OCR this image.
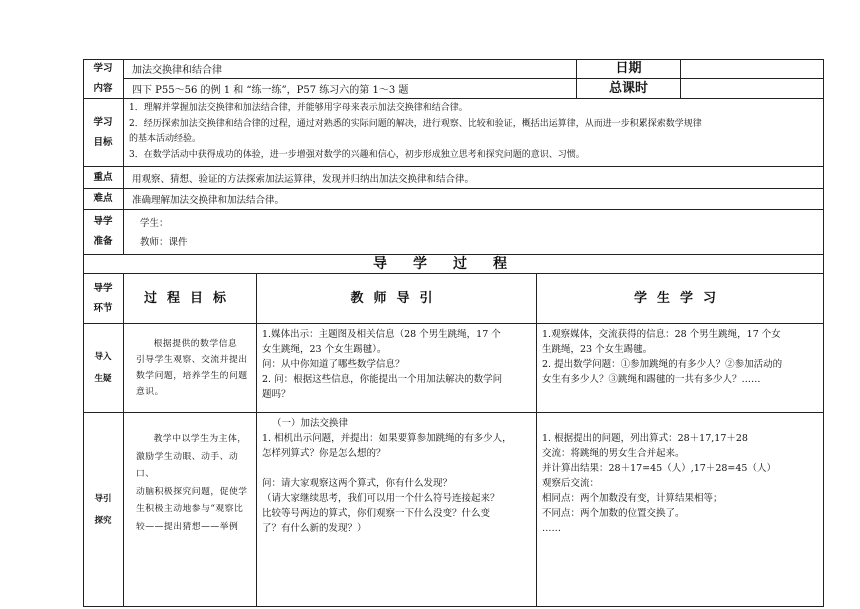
学习
内容
加法交换律和结合律
四下 P55～56 的例 1 和 “练一练”，P57 练习六的第 1～3 题
日期
总课时
学习
目标
1．理解并掌握加法交换律和加法结合律，并能够用字母来表示加法交换律和结合律。
2．经历探索加法交换律和结合律的过程，通过对熟悉的实际问题的解决，进行观察、比较和验证，概括出运算律，从而进一步积累探索数学规律
的基本活动经验。
3．在数学活动中获得成功的体验，进一步增强对数学的兴趣和信心，初步形成独立思考和探究问题的意识、习惯。
重点 用观察、猜想、验证的方法探索加法运算律，发现并归纳出加法交换律和结合律。
难点 准确理解加法交换律和加法结合律。
导学
准备
学生：
教师：课件
导学过程
导学
环节
过程目标	教师导引	学生学习
导入
生疑
根据提供的数学信息
引导学生观察、交流并提出
数学问题，培养学生的问题
意识。
1.媒体出示：主题图及相关信息（28 个男生跳绳，17 个
女生跳绳，23 个女生踢毽）。
问：从中你知道了哪些数学信息？
2. 问：根据这些信息，你能提出一个用加法解决的数学问
题吗？
1.观察媒体，交流获得的信息：28 个男生跳绳，17 个女
生跳绳，23 个女生踢毽。
2. 提出数学问题：①参加跳绳的有多少人？②参加活动的
女生有多少人？③跳绳和踢毽的一共有多少人？……
导引
探究
教学中以学生为主体，
激励学生动眼、动手、动口、
动脑积极探究问题，促使学
生积极主动地参与“观察比
较——提出猜想——举例
（一）加法交换律
1. 相机出示问题，并提出：如果要算参加跳绳的有多少人，
怎样列算式？你是怎么想的？
问：请大家观察这两个算式，你有什么发现？
（请大家继续思考，我们可以用一个什么符号连接起来？
比较等号两边的算式，你们观察一下什么没变？什么变
了？有什么新的发现？）
1. 根据提出的问题，列出算式：28＋17,17＋28
交流：将跳绳的男女生合并起来。
并计算出结果：28＋17=45（人）,17＋28=45（人）
观察后交流：
相同点：两个加数没有变，计算结果相等；
不同点：两个加数的位置交换了。
……
